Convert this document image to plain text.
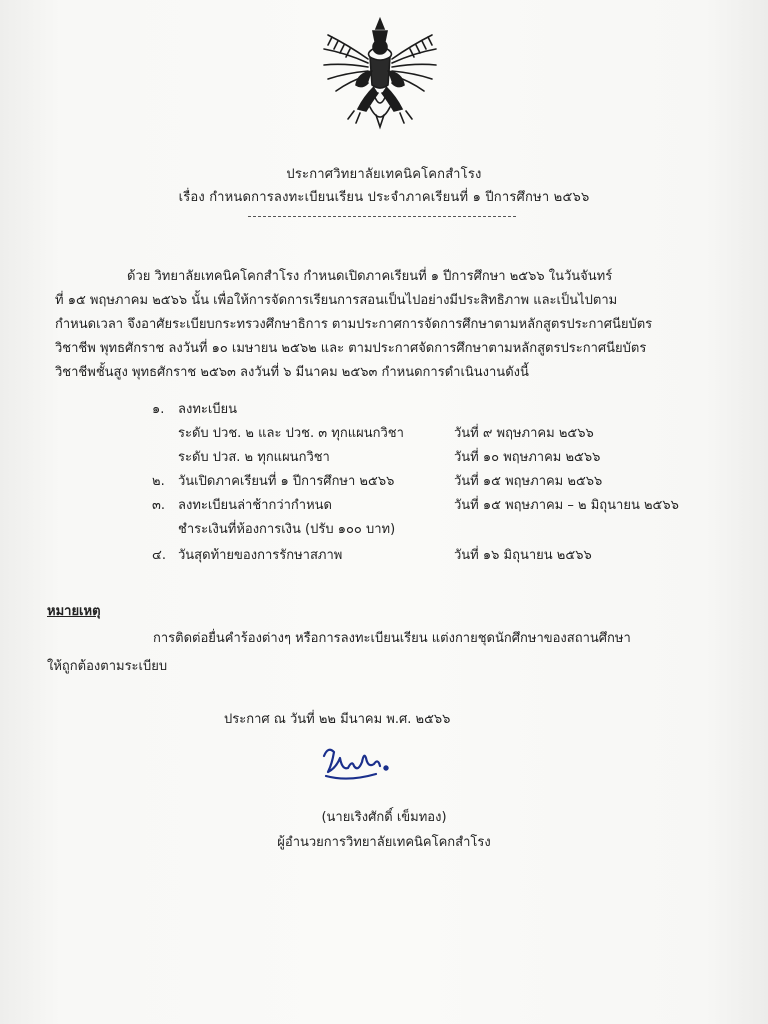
ประกาศวิทยาลัยเทคนิคโคกสำโรง
เรื่อง กำหนดการลงทะเบียนเรียน ประจำภาคเรียนที่ ๑ ปีการศึกษา ๒๕๖๖
ด้วย วิทยาลัยเทคนิคโคกสำโรง กำหนดเปิดภาคเรียนที่ ๑ ปีการศึกษา ๒๕๖๖ ในวันจันทร์
ที่ ๑๕ พฤษภาคม ๒๕๖๖ นั้น เพื่อให้การจัดการเรียนการสอนเป็นไปอย่างมีประสิทธิภาพ และเป็นไปตาม
กำหนดเวลา จึงอาศัยระเบียบกระทรวงศึกษาธิการ ตามประกาศการจัดการศึกษาตามหลักสูตรประกาศนียบัตร
วิชาชีพ พุทธศักราช ลงวันที่ ๑๐ เมษายน ๒๕๖๒ และ ตามประกาศจัดการศึกษาตามหลักสูตรประกาศนียบัตร
วิชาชีพชั้นสูง พุทธศักราช ๒๕๖๓ ลงวันที่ ๖ มีนาคม ๒๕๖๓ กำหนดการดำเนินงานดังนี้
๑. ลงทะเบียน
ระดับ ปวช. ๒ และ ปวช. ๓ ทุกแผนกวิชา	วันที่ ๙ พฤษภาคม ๒๕๖๖
ระดับ ปวส. ๒ ทุกแผนกวิชา	วันที่ ๑๐ พฤษภาคม ๒๕๖๖
๒. วันเปิดภาคเรียนที่ ๑ ปีการศึกษา ๒๕๖๖	วันที่ ๑๕ พฤษภาคม ๒๕๖๖
๓. ลงทะเบียนล่าช้ากว่ากำหนด	วันที่ ๑๕ พฤษภาคม – ๒ มิถุนายน ๒๕๖๖
ชำระเงินที่ห้องการเงิน (ปรับ ๑๐๐ บาท)
๔. วันสุดท้ายของการรักษาสภาพ	วันที่ ๑๖ มิถุนายน ๒๕๖๖
หมายเหตุ
การติดต่อยื่นคำร้องต่างๆ หรือการลงทะเบียนเรียน แต่งกายชุดนักศึกษาของสถานศึกษา
ให้ถูกต้องตามระเบียบ
ประกาศ ณ วันที่ ๒๒ มีนาคม พ.ศ. ๒๕๖๖
(นายเริงศักดิ์ เข็มทอง)
ผู้อำนวยการวิทยาลัยเทคนิคโคกสำโรง
